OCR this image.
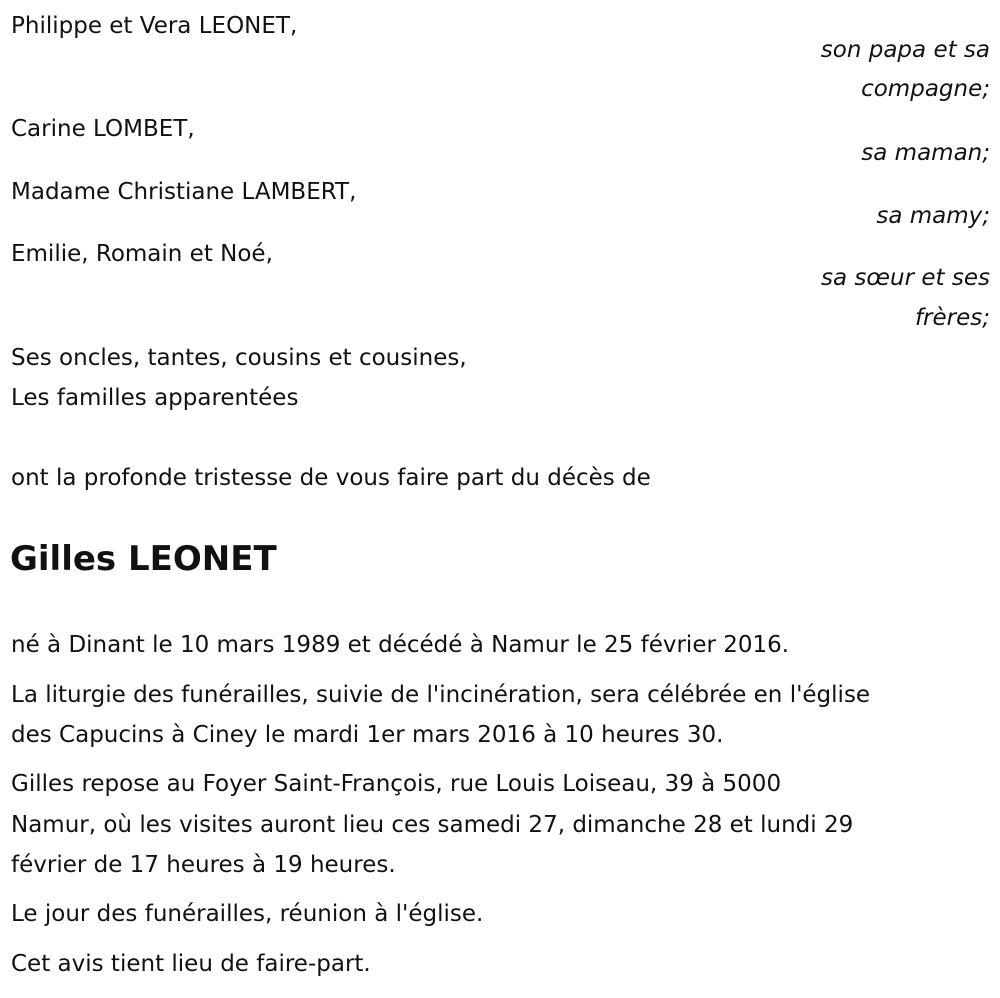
Philippe et Vera LEONET,
son papa et sa
compagne;
Carine LOMBET,
sa maman;
Madame Christiane LAMBERT,
sa mamy;
Emilie, Romain et Noé,
sa sœur et ses
frères;
Ses oncles, tantes, cousins et cousines,
Les familles apparentées
ont la profonde tristesse de vous faire part du décès de
Gilles LEONET
né à Dinant le 10 mars 1989 et décédé à Namur le 25 février 2016.
La liturgie des funérailles, suivie de l'incinération, sera célébrée en l'église
des Capucins à Ciney le mardi 1er mars 2016 à 10 heures 30.
Gilles repose au Foyer Saint-François, rue Louis Loiseau, 39 à 5000
Namur, où les visites auront lieu ces samedi 27, dimanche 28 et lundi 29
février de 17 heures à 19 heures.
Le jour des funérailles, réunion à l'église.
Cet avis tient lieu de faire-part.
